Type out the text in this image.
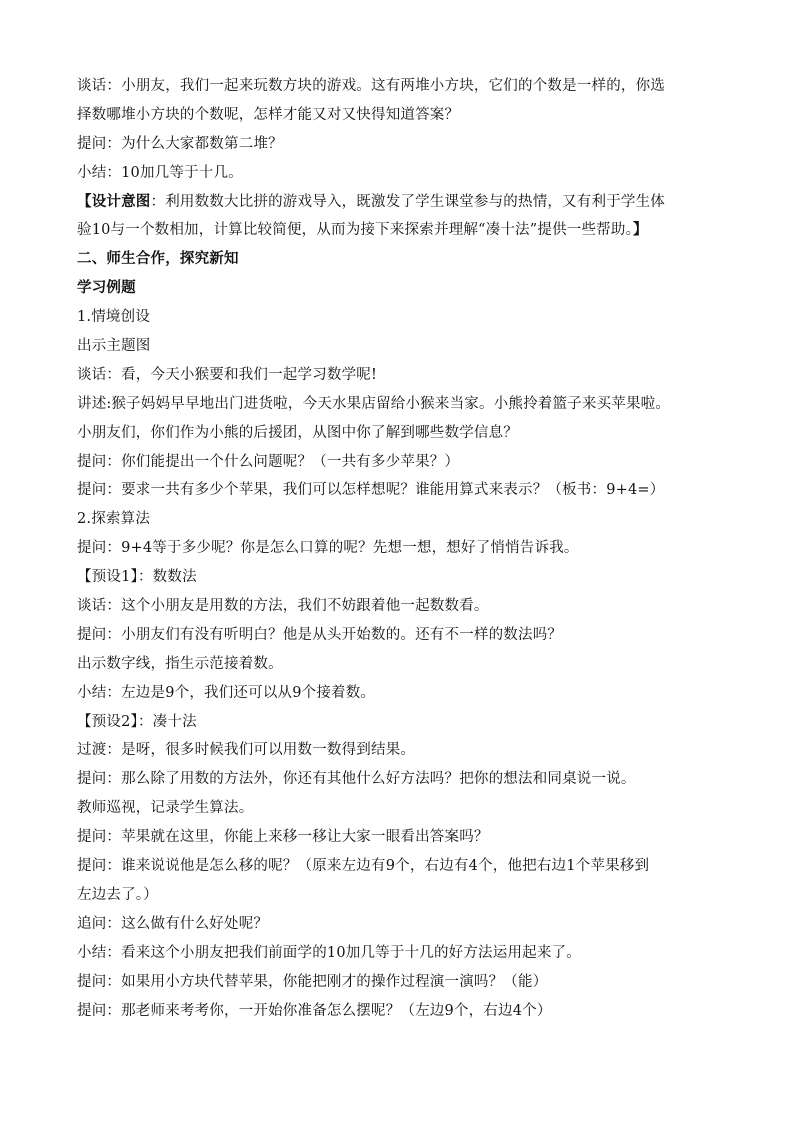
谈话：小朋友，我们一起来玩数方块的游戏。这有两堆小方块，它们的个数是一样的，你选
择数哪堆小方块的个数呢，怎样才能又对又快得知道答案？
提问：为什么大家都数第二堆？
小结：10加几等于十几。
【设计意图：利用数数大比拼的游戏导入，既激发了学生课堂参与的热情，又有利于学生体
验10与一个数相加，计算比较简便，从而为接下来探索并理解“凑十法”提供一些帮助。】
二、师生合作，探究新知
学习例题
1.情境创设
出示主题图
谈话：看，今天小猴要和我们一起学习数学呢!
讲述:猴子妈妈早早地出门进货啦，今天水果店留给小猴来当家。小熊拎着篮子来买苹果啦。
小朋友们，你们作为小熊的后援团，从图中你了解到哪些数学信息？
提问：你们能提出一个什么问题呢？（一共有多少苹果？）
提问：要求一共有多少个苹果，我们可以怎样想呢？谁能用算式来表示？（板书：9+4=）
2.探索算法
提问：9+4等于多少呢？你是怎么口算的呢？先想一想，想好了悄悄告诉我。
【预设1】：数数法
谈话：这个小朋友是用数的方法，我们不妨跟着他一起数数看。
提问：小朋友们有没有听明白？他是从头开始数的。还有不一样的数法吗？
出示数字线，指生示范接着数。
小结：左边是9个，我们还可以从9个接着数。
【预设2】：凑十法
过渡：是呀，很多时候我们可以用数一数得到结果。
提问：那么除了用数的方法外，你还有其他什么好方法吗？把你的想法和同桌说一说。
教师巡视，记录学生算法。
提问：苹果就在这里，你能上来移一移让大家一眼看出答案吗？
提问：谁来说说他是怎么移的呢？（原来左边有9个，右边有4个，他把右边1个苹果移到
左边去了。）
追问：这么做有什么好处呢？
小结：看来这个小朋友把我们前面学的10加几等于十几的好方法运用起来了。
提问：如果用小方块代替苹果，你能把刚才的操作过程演一演吗？（能）
提问：那老师来考考你，一开始你准备怎么摆呢？（左边9个，右边4个）
